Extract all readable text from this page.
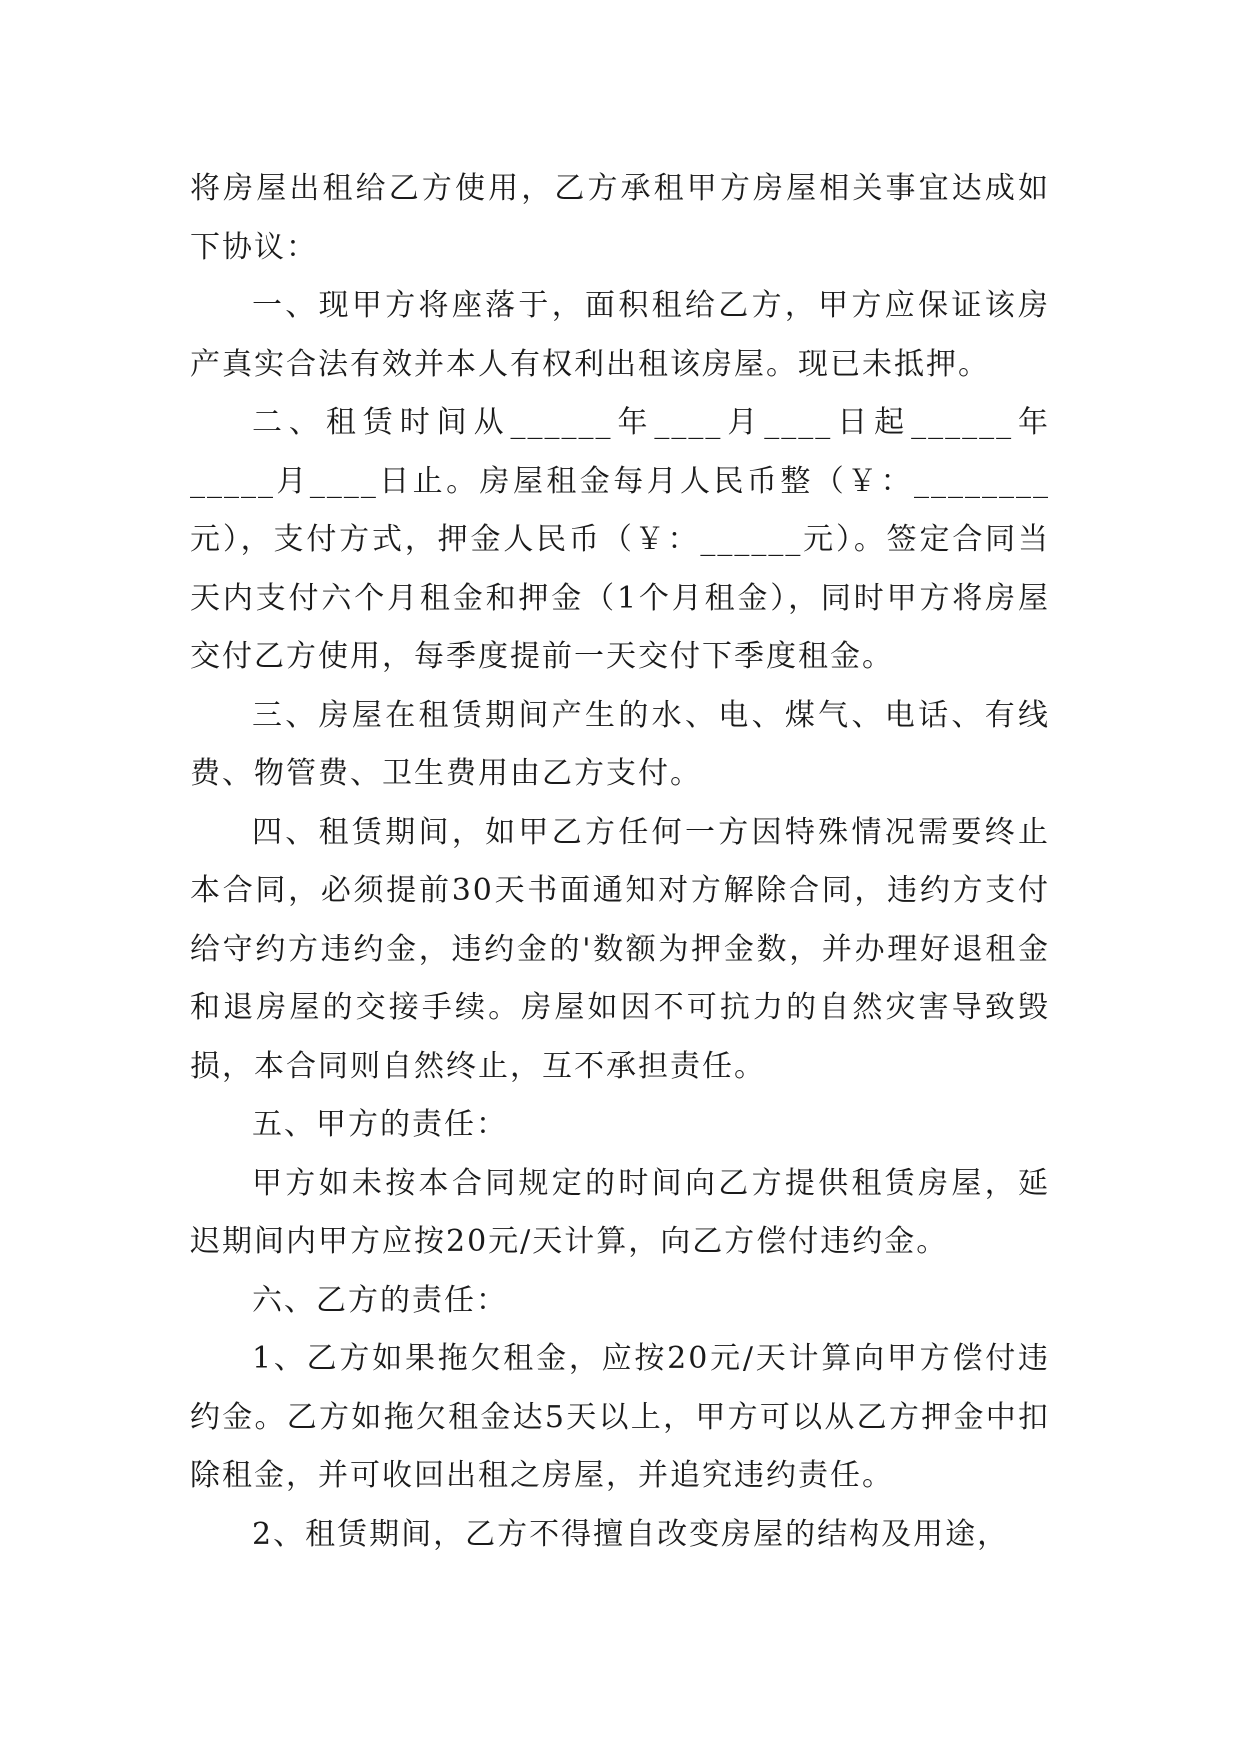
将房屋出租给乙方使用，乙方承租甲方房屋相关事宜达成如下协议：

一、现甲方将座落于，面积租给乙方，甲方应保证该房产真实合法有效并本人有权利出租该房屋。现已未抵押。

二、租赁时间从______年____月____日起______年_____月____日止。房屋租金每月人民币整（￥：________元），支付方式，押金人民币（￥：______元）。签定合同当天内支付六个月租金和押金（1个月租金），同时甲方将房屋交付乙方使用，每季度提前一天交付下季度租金。

三、房屋在租赁期间产生的水、电、煤气、电话、有线费、物管费、卫生费用由乙方支付。

四、租赁期间，如甲乙方任何一方因特殊情况需要终止本合同，必须提前30天书面通知对方解除合同，违约方支付给守约方违约金，违约金的'数额为押金数，并办理好退租金和退房屋的交接手续。房屋如因不可抗力的自然灾害导致毁损，本合同则自然终止，互不承担责任。

五、甲方的责任：

甲方如未按本合同规定的时间向乙方提供租赁房屋，延迟期间内甲方应按20元/天计算，向乙方偿付违约金。

六、乙方的责任：

1、乙方如果拖欠租金，应按20元/天计算向甲方偿付违约金。乙方如拖欠租金达5天以上，甲方可以从乙方押金中扣除租金，并可收回出租之房屋，并追究违约责任。

2、租赁期间，乙方不得擅自改变房屋的结构及用途，
